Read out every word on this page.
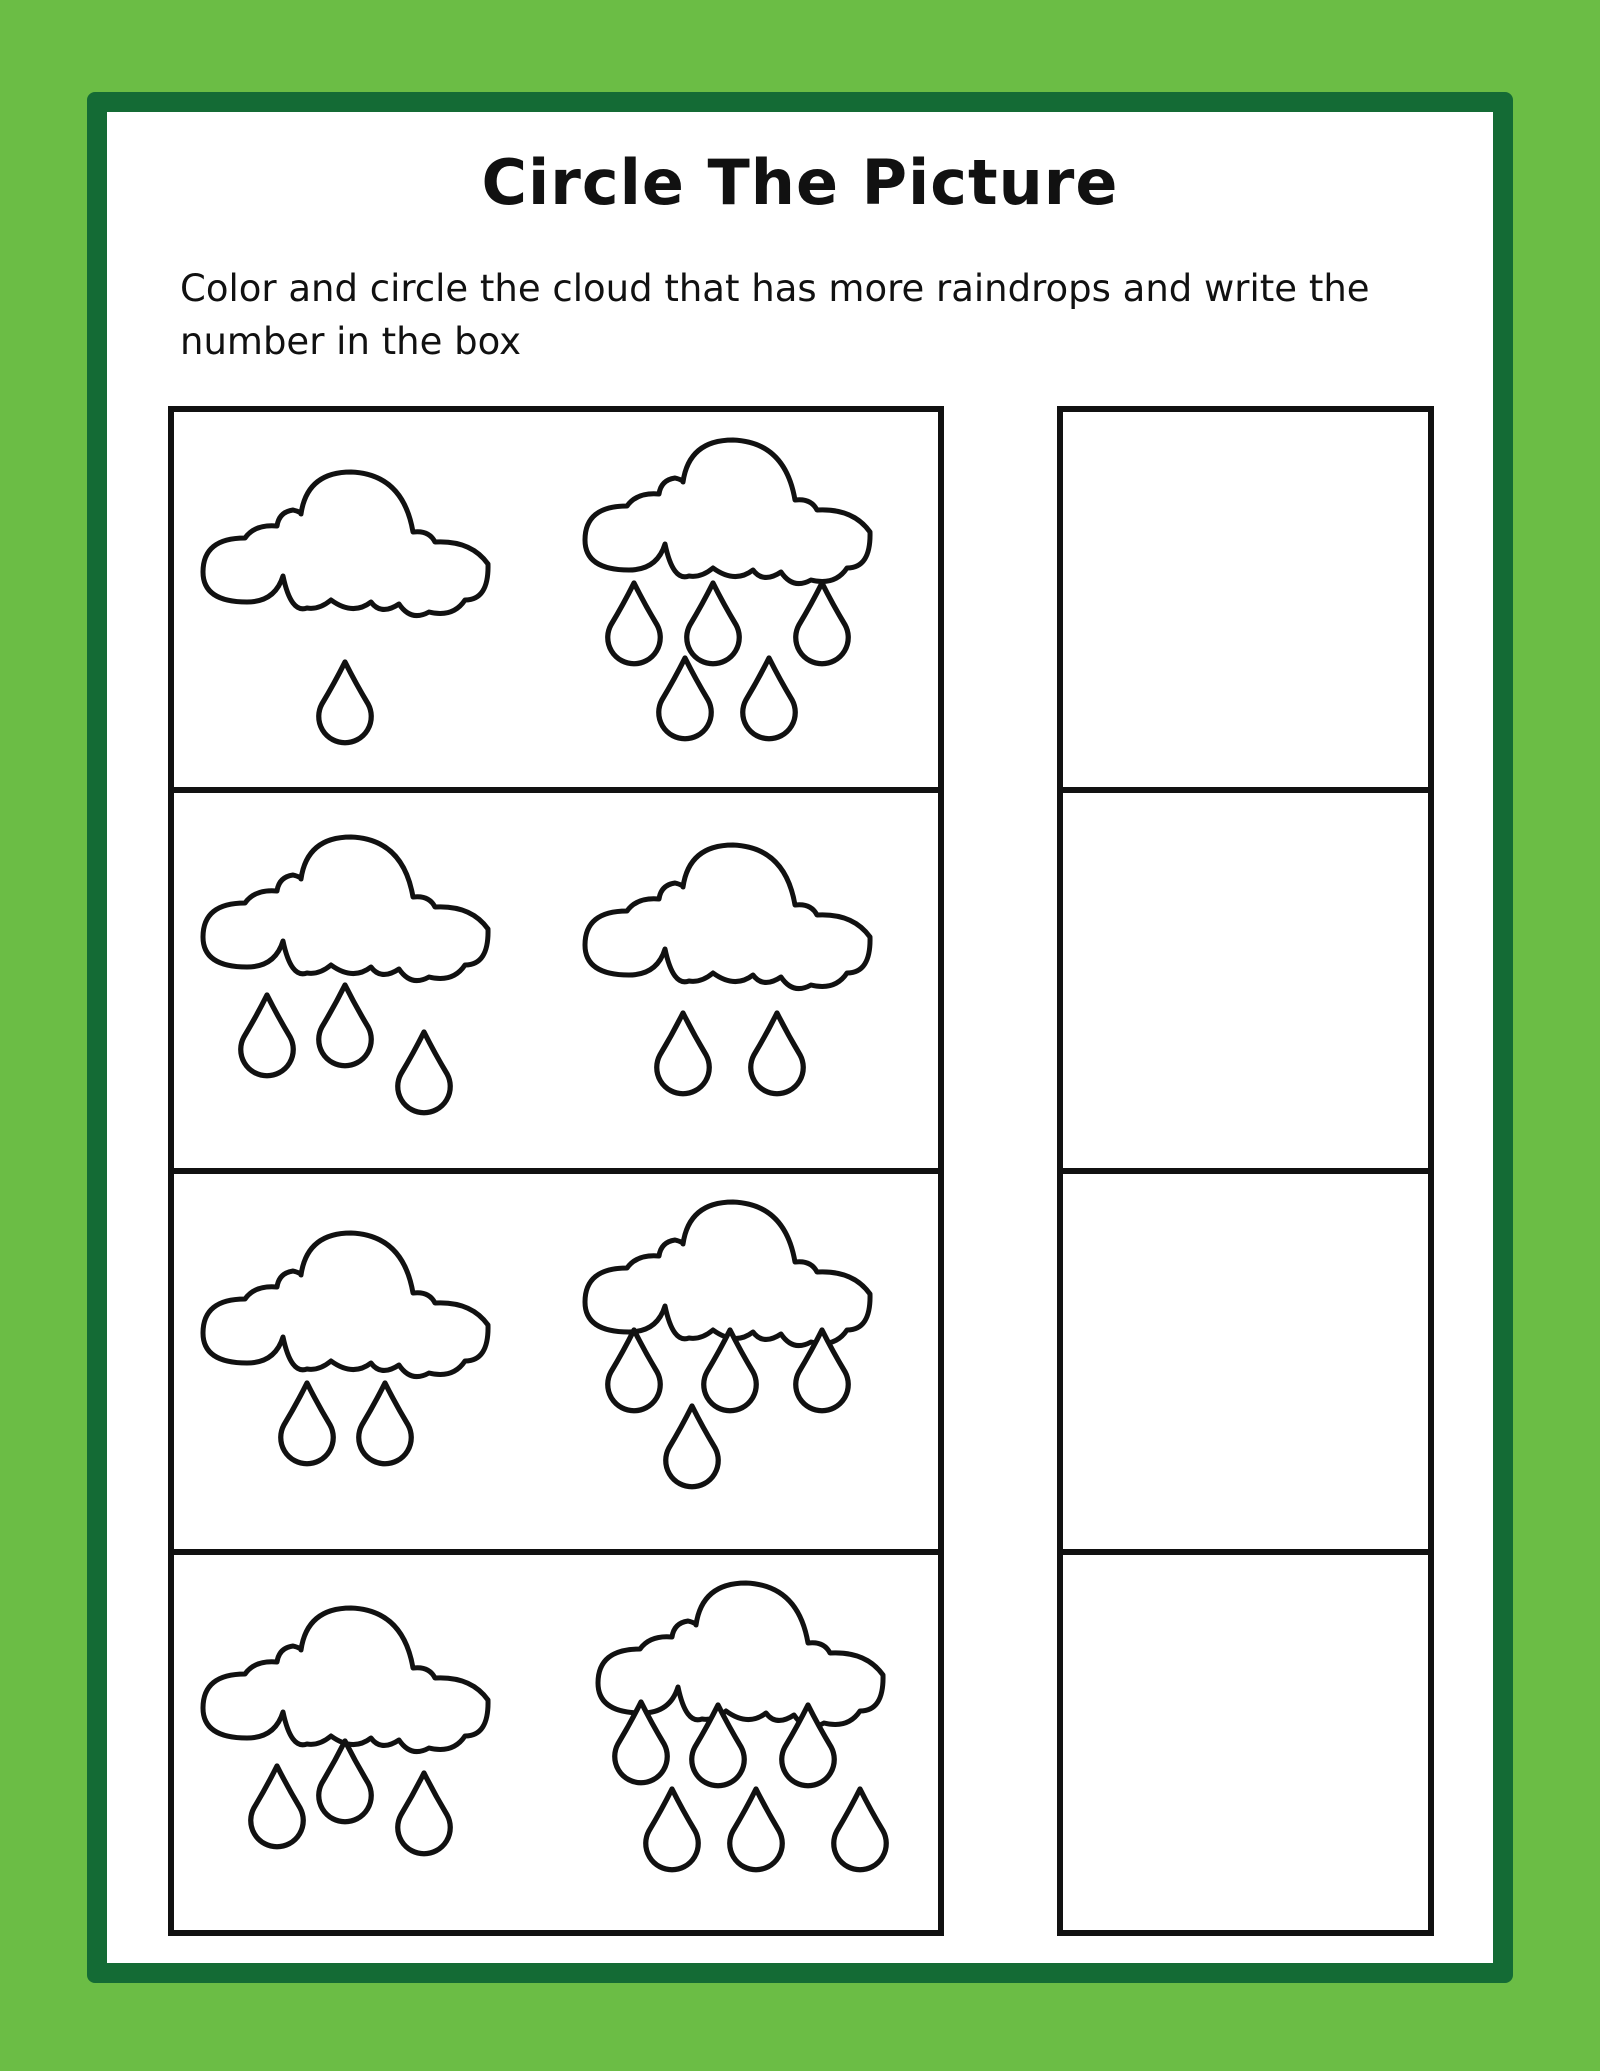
Circle The Picture
Color and circle the cloud that has more raindrops and write the number in the box
